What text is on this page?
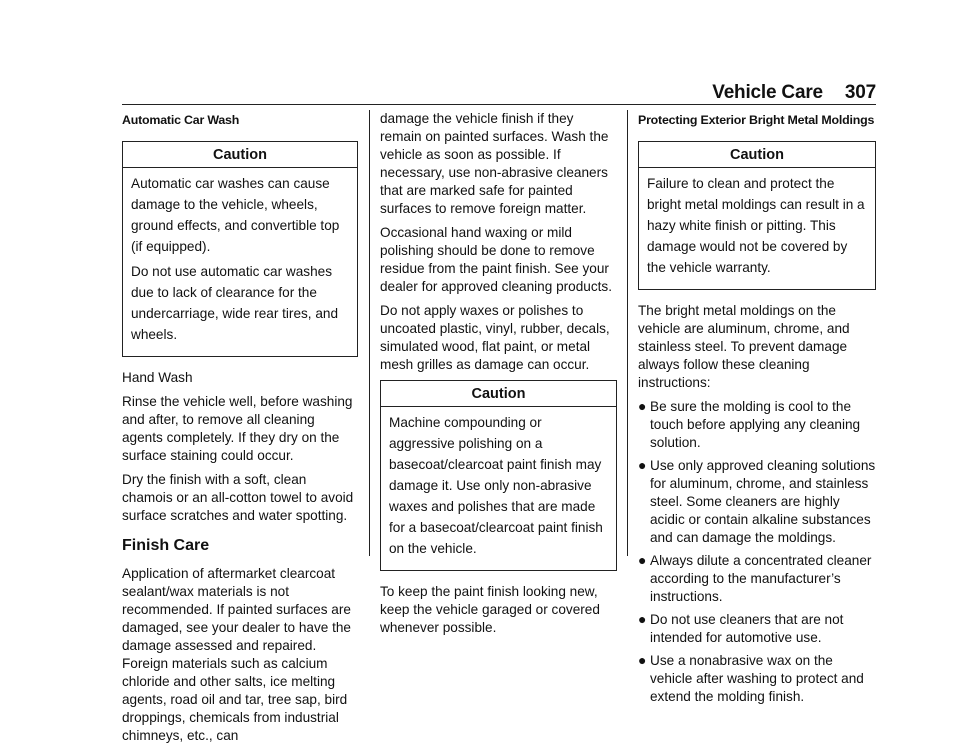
Vehicle Care 307
Automatic Car Wash
Caution

Automatic car washes can cause damage to the vehicle, wheels, ground effects, and convertible top (if equipped).

Do not use automatic car washes due to lack of clearance for the undercarriage, wide rear tires, and wheels.

Hand Wash

Rinse the vehicle well, before washing and after, to remove all cleaning agents completely. If they dry on the surface staining could occur.

Dry the finish with a soft, clean chamois or an all-cotton towel to avoid surface scratches and water spotting.

Finish Care

Application of aftermarket clearcoat sealant/wax materials is not recommended. If painted surfaces are damaged, see your dealer to have the damage assessed and repaired. Foreign materials such as calcium chloride and other salts, ice melting agents, road oil and tar, tree sap, bird droppings, chemicals from industrial chimneys, etc., can

damage the vehicle finish if they remain on painted surfaces. Wash the vehicle as soon as possible. If necessary, use non-abrasive cleaners that are marked safe for painted surfaces to remove foreign matter.

Occasional hand waxing or mild polishing should be done to remove residue from the paint finish. See your dealer for approved cleaning products.

Do not apply waxes or polishes to uncoated plastic, vinyl, rubber, decals, simulated wood, flat paint, or metal mesh grilles as damage can occur.

Caution

Machine compounding or aggressive polishing on a basecoat/clearcoat paint finish may damage it. Use only non-abrasive waxes and polishes that are made for a basecoat/clearcoat paint finish on the vehicle.

To keep the paint finish looking new, keep the vehicle garaged or covered whenever possible.

Protecting Exterior Bright Metal Moldings
Caution

Failure to clean and protect the bright metal moldings can result in a hazy white finish or pitting. This damage would not be covered by the vehicle warranty.

The bright metal moldings on the vehicle are aluminum, chrome, and stainless steel. To prevent damage always follow these cleaning instructions:

● Be sure the molding is cool to the touch before applying any cleaning solution.
● Use only approved cleaning solutions for aluminum, chrome, and stainless steel. Some cleaners are highly acidic or contain alkaline substances and can damage the moldings.
● Always dilute a concentrated cleaner according to the manufacturer’s instructions.
● Do not use cleaners that are not intended for automotive use.
● Use a nonabrasive wax on the vehicle after washing to protect and extend the molding finish.
